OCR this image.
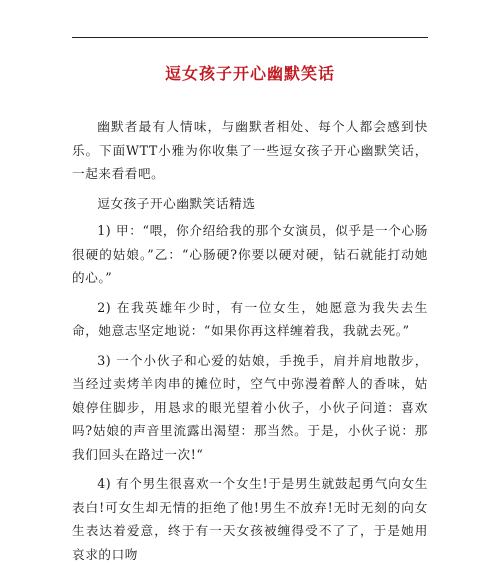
逗女孩子开心幽默笑话

幽默者最有人情味，与幽默者相处、每个人都会感到快乐。下面WTT小雅为你收集了一些逗女孩子开心幽默笑话，一起来看看吧。

逗女孩子开心幽默笑话精选

1) 甲：“喂，你介绍给我的那个女演员，似乎是一个心肠很硬的姑娘。”乙：“心肠硬?你要以硬对硬，钻石就能打动她的心。”

2) 在我英雄年少时，有一位女生，她愿意为我失去生命，她意志坚定地说：“如果你再这样缠着我，我就去死。”

3) 一个小伙子和心爱的姑娘，手挽手，肩并肩地散步，当经过卖烤羊肉串的摊位时，空气中弥漫着醉人的香味，姑娘停住脚步，用恳求的眼光望着小伙子，小伙子问道：喜欢吗?姑娘的声音里流露出渴望：那当然。于是，小伙子说：那我们回头在路过一次!“

4) 有个男生很喜欢一个女生!于是男生就鼓起勇气向女生表白!可女生却无情的拒绝了他!男生不放弃!无时无刻的向女生表达着爱意，终于有一天女孩被缠得受不了了，于是她用哀求的口吻
